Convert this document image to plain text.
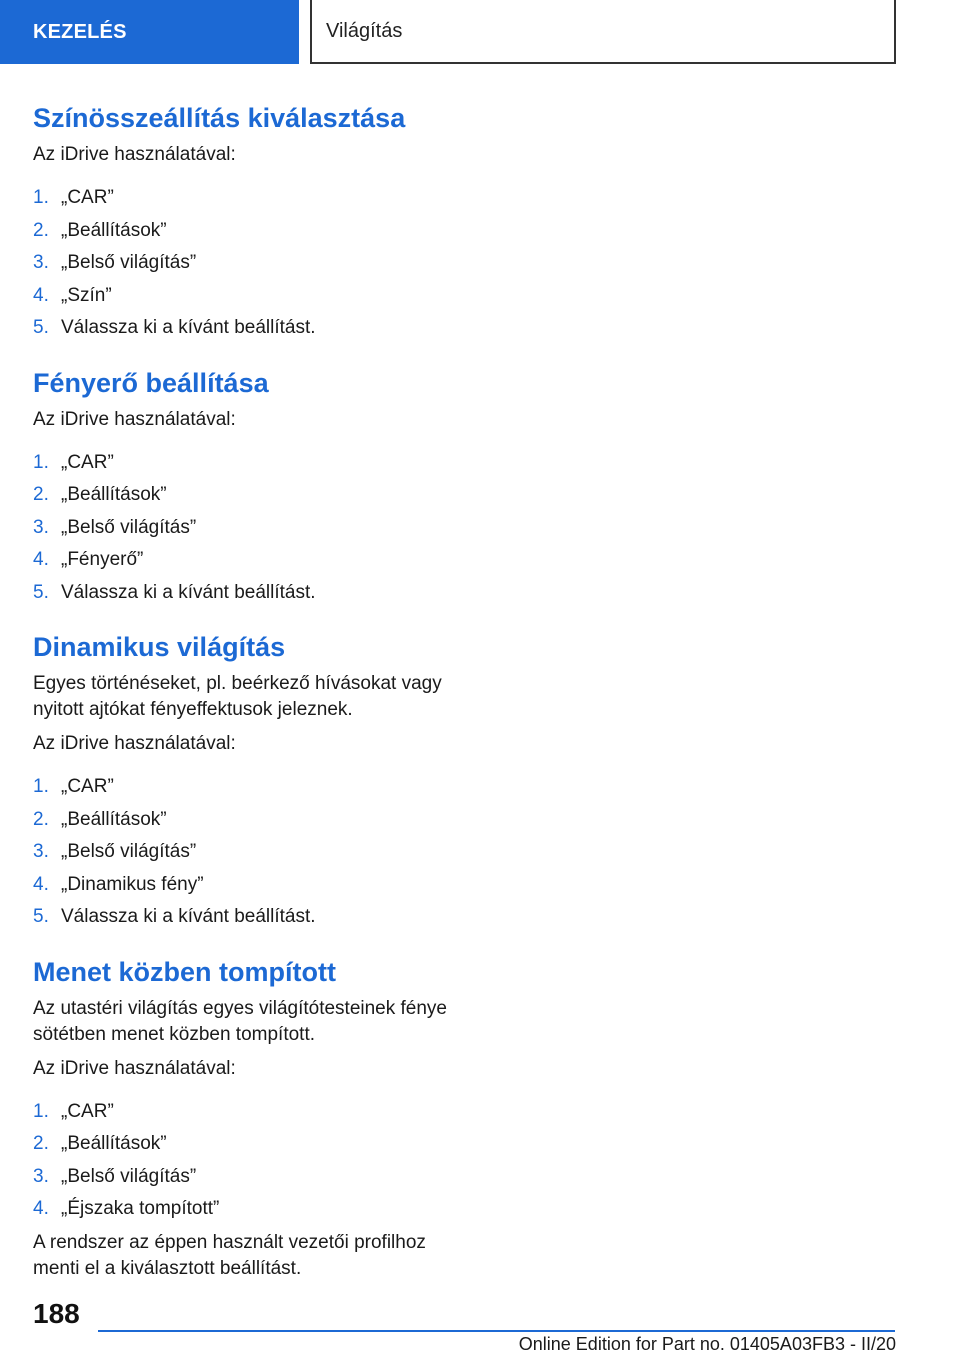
KEZELÉS	Világítás
Színösszeállítás kiválasztása

Az iDrive használatával:

1. „CAR”
2. „Beállítások”
3. „Belső világítás”
4. „Szín”
5. Válassza ki a kívánt beállítást.
Fényerő beállítása

Az iDrive használatával:

1. „CAR”
2. „Beállítások”
3. „Belső világítás”
4. „Fényerő”
5. Válassza ki a kívánt beállítást.
Dinamikus világítás

Egyes történéseket, pl. beérkező hívásokat vagy nyitott ajtókat fényeffektusok jeleznek.

Az iDrive használatával:

1. „CAR”
2. „Beállítások”
3. „Belső világítás”
4. „Dinamikus fény”
5. Válassza ki a kívánt beállítást.
Menet közben tompított

Az utastéri világítás egyes világítótesteinek fénye sötétben menet közben tompított.

Az iDrive használatával:

1. „CAR”
2. „Beállítások”
3. „Belső világítás”
4. „Éjszaka tompított”

A rendszer az éppen használt vezetői profilhoz menti el a kiválasztott beállítást.

188
Online Edition for Part no. 01405A03FB3 - II/20
